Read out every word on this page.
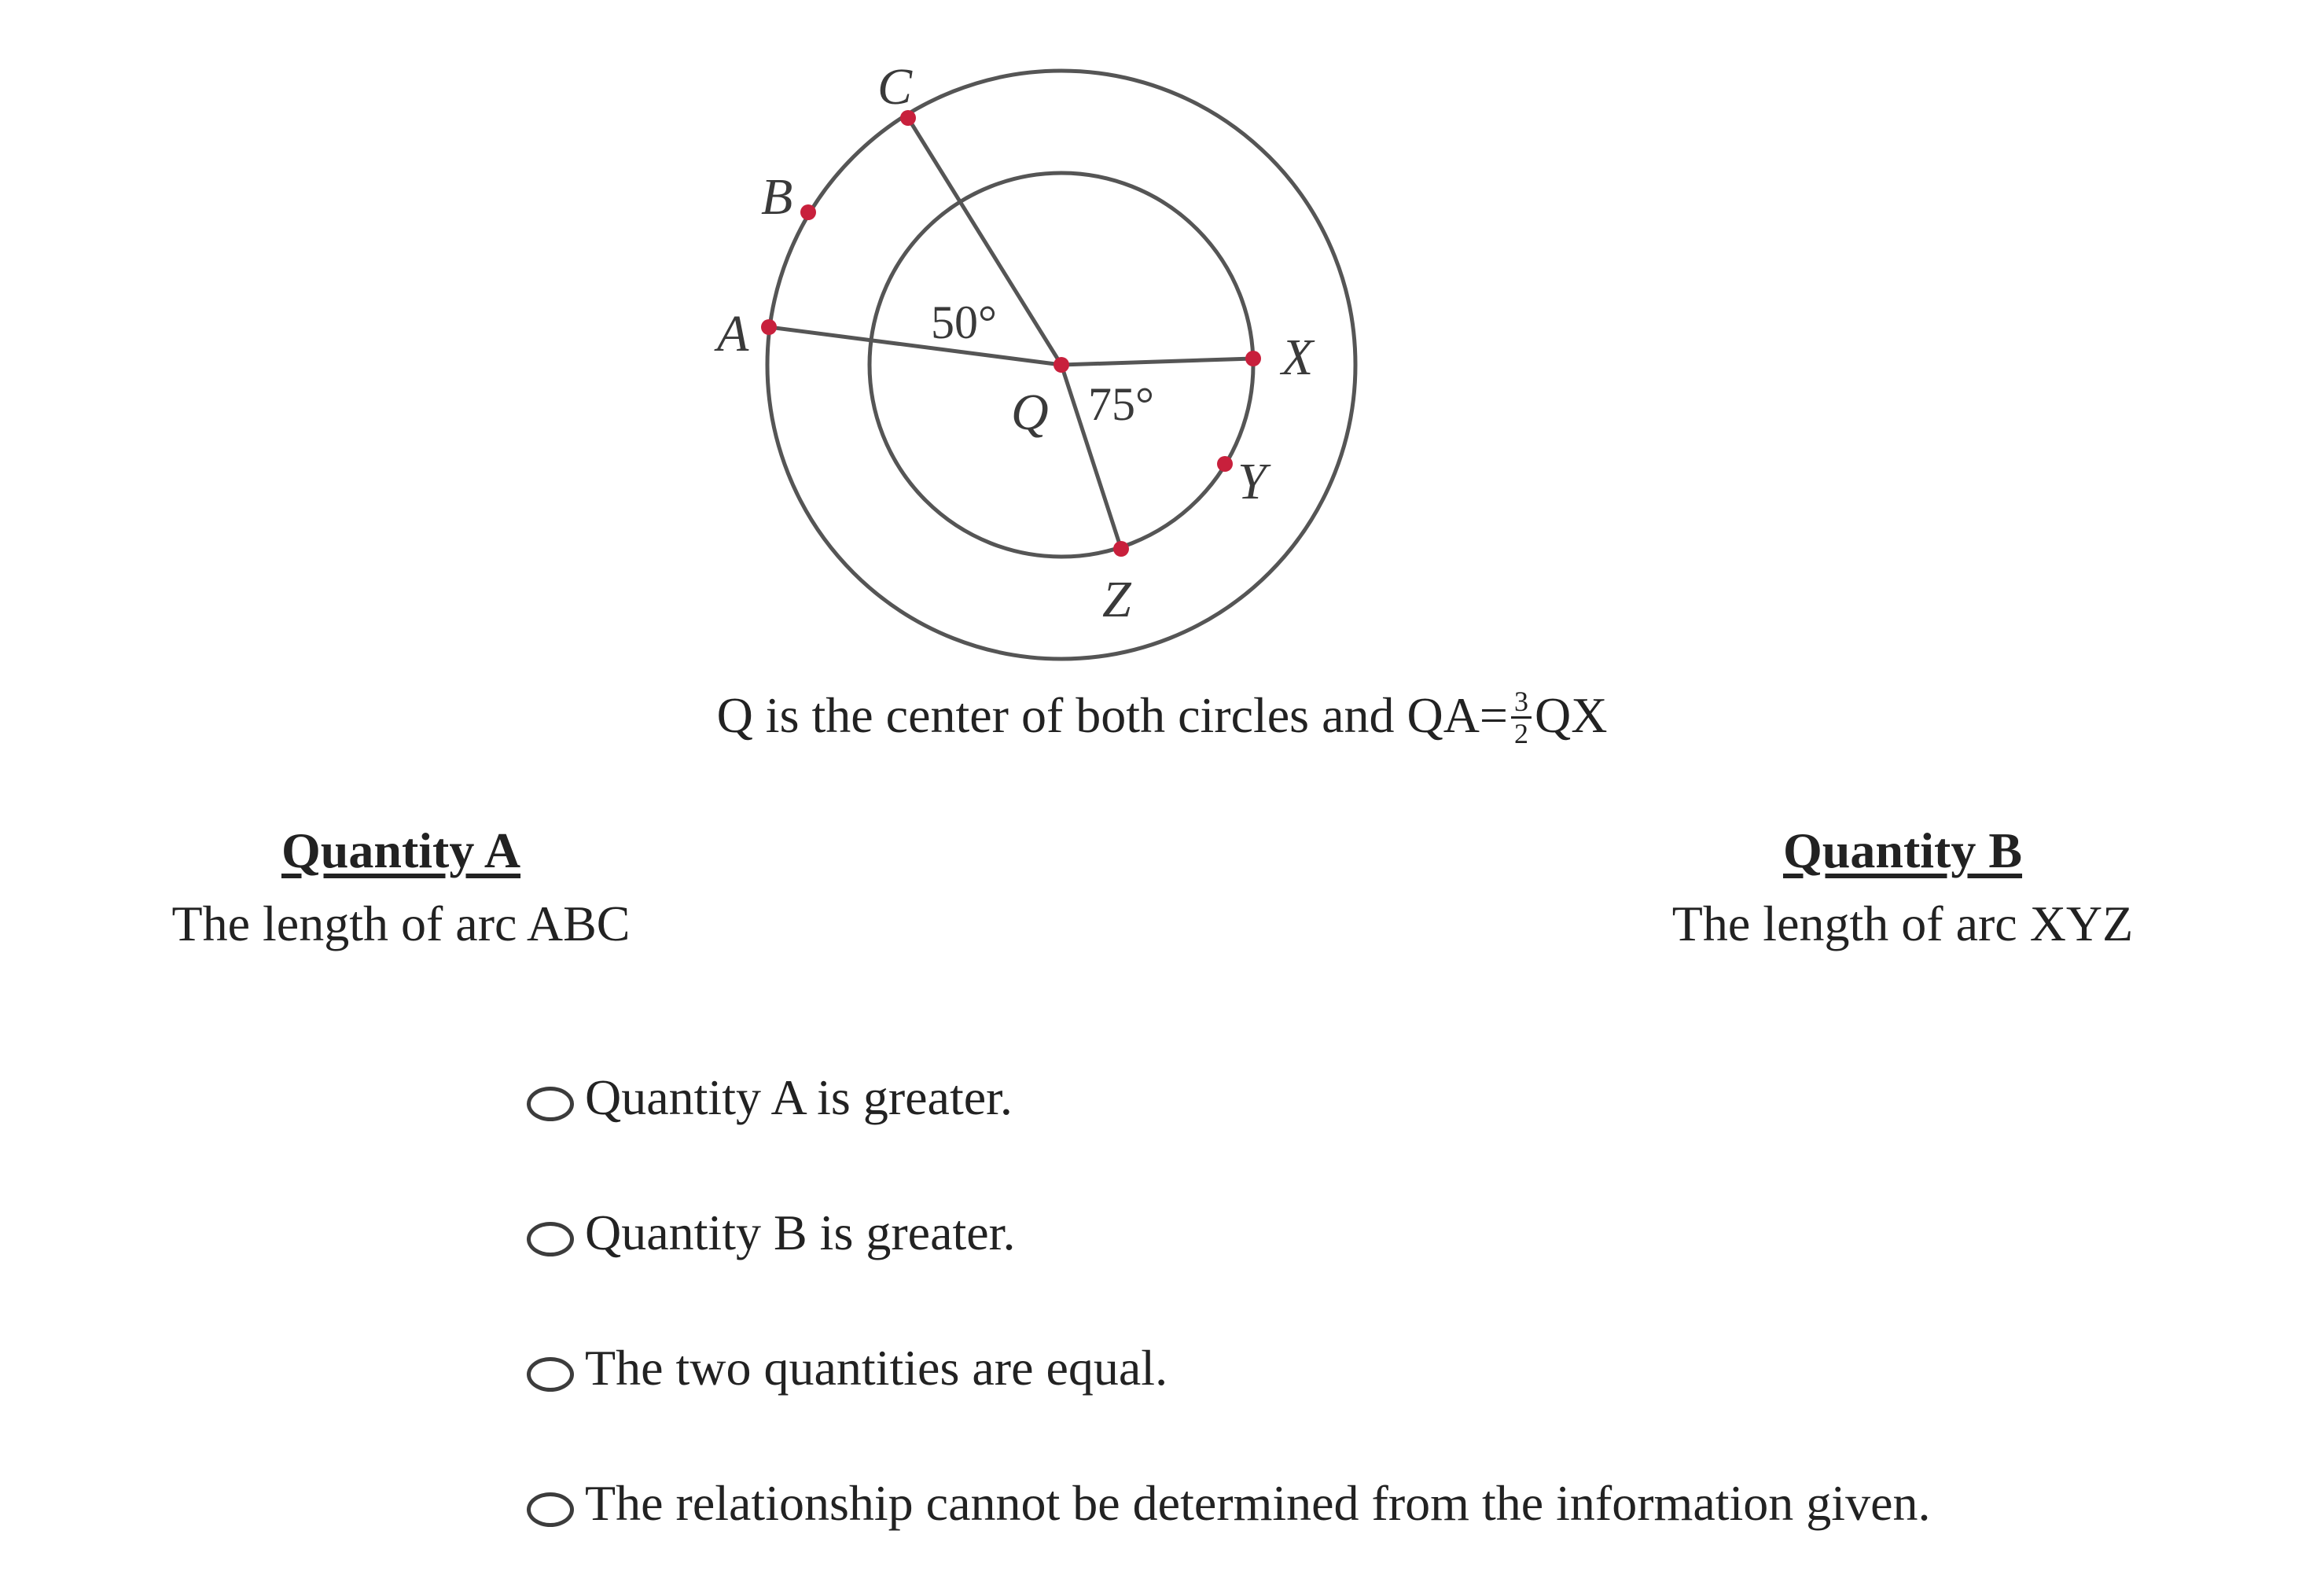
A
B
C
Q
X
Y
Z
50°
75°
Q is the center of both circles and $QA= \frac{3}{2}$ QX
Quantity A
The length of arc ABC
Quantity B
The length of arc XYZ
Quantity A is greater.
Quantity B is greater.
The two quantities are equal.
The relationship cannot be determined from the information given.
